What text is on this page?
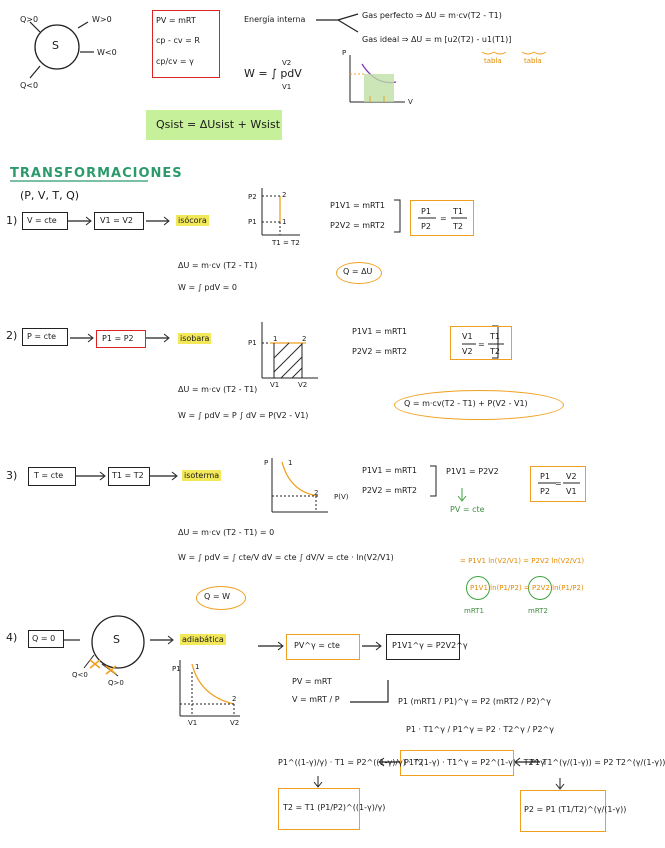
Q>0	W>0
S
W<0
Q<0
PV = mRT
cp - cv = R
cp/cv = γ
Energía interna	Gas perfecto ⇒ ΔU = m·cv(T2 - T1)
Gas ideal ⇒ ΔU = m [u2(T2) - u1(T1)]
tabla	tabla
W = ∫ pdV
V2
V1
P
V
Qsist = ΔUsist + Wsist
TRANSFORMACIONES
(P, V, T, Q)
1) V = cte	V1 = V2	isócora
P2
P1
2
1
T1 = T2
P1V1 = mRT1
P2V2 = mRT2
P1
P2
=
T1
T2
ΔU = m·cv (T2 - T1)
W = ∫ pdV = 0
Q = ΔU
2) P = cte	P1 = P2	isobara	P1 1	2
V1	V2
P1V1 = mRT1
P2V2 = mRT2
V1
V2
=
T1
T2
ΔU = m·cv (T2 - T1)
W = ∫ pdV = P ∫ dV = P(V2 - V1)
Q = m·cv(T2 - T1) + P(V2 - V1)
3) T = cte	T1 = T2	isoterma
P	1
2 P(V)
P1V1 = mRT1
P2V2 = mRT2
P1V1 = P2V2
PV = cte
P1
P2
=
V2
V1
ΔU = m·cv (T2 - T1) = 0
W = ∫ pdV = ∫ cte/V dV = cte ∫ dV/V = cte · ln(V2/V1)	= P1V1 ln(V2/V1) = P2V2 ln(V2/V1)
P1V1 ln(P1/P2) = P2V2 ln(P1/P2)
mRT1	mRT2
Q = W
4) Q = 0	S
Q<0
Q>0
adiabática
P1 1
2
V1	V2
PV^γ = cte	P1V1^γ = P2V2^γ
PV = mRT
V = mRT / P	P1 (mRT1 / P1)^γ = P2 (mRT2 / P2)^γ
P1 · T1^γ / P1^γ = P2 · T2^γ / P2^γ
P1^(1-γ) · T1^γ = P2^(1-γ) · T2^γ
P1^((1-γ)/γ) · T1 = P2^((1-γ)/γ) · T2	P1 T1^(γ/(1-γ)) = P2 T2^(γ/(1-γ))
T2 = T1 (P1/P2)^((1-γ)/γ)	P2 = P1 (T1/T2)^(γ/(1-γ))
